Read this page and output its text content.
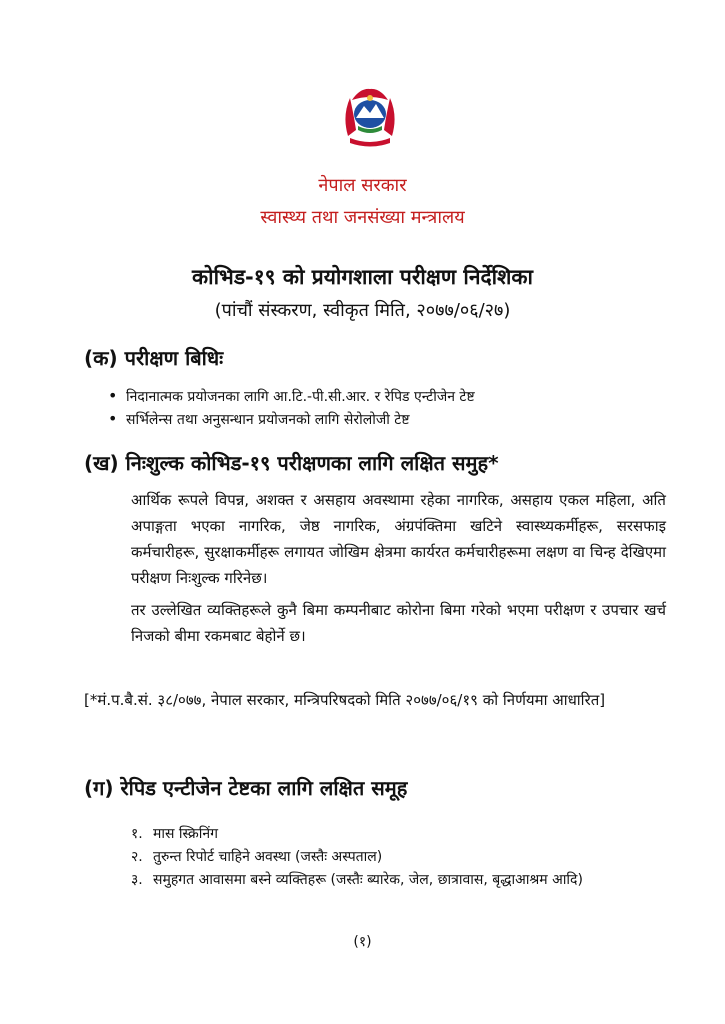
नेपाल सरकार
स्वास्थ्य तथा जनसंख्या मन्त्रालय
कोभिड-१९ को प्रयोगशाला परीक्षण निर्देशिका
(पांचौं संस्करण, स्वीकृत मिति, २०७७/०६/२७)
(क) परीक्षण बिधिः
• निदानात्मक प्रयोजनका लागि आ.टि.-पी.सी.आर. र रेपिड एन्टीजेन टेष्ट
• सर्भिलेन्स तथा अनुसन्धान प्रयोजनको लागि सेरोलोजी टेष्ट
(ख) निःशुल्क कोभिड-१९ परीक्षणका लागि लक्षित समुह*
आर्थिक रूपले विपन्न, अशक्त र असहाय अवस्थामा रहेका नागरिक, असहाय एकल महिला, अति अपाङ्गता भएका नागरिक, जेष्ठ नागरिक, अंग्रपंक्तिमा खटिने स्वास्थ्यकर्मीहरू, सरसफाइ कर्मचारीहरू, सुरक्षाकर्मीहरू लगायत जोखिम क्षेत्रमा कार्यरत कर्मचारीहरूमा लक्षण वा चिन्ह देखिएमा परीक्षण निःशुल्क गरिनेछ।
तर उल्लेखित व्यक्तिहरूले कुनै बिमा कम्पनीबाट कोरोना बिमा गरेको भएमा परीक्षण र उपचार खर्च निजको बीमा रकमबाट बेहोर्ने छ।
[*मं.प.बै.सं. ३८/०७७, नेपाल सरकार, मन्त्रिपरिषदको मिति २०७७/०६/१९ को निर्णयमा आधारित]
(ग) रेपिड एन्टीजेन टेष्टका लागि लक्षित समूह
१. मास स्क्रिनिंग
२. तुरुन्त रिपोर्ट चाहिने अवस्था (जस्तैः अस्पताल)
३. समुहगत आवासमा बस्ने व्यक्तिहरू (जस्तैः ब्यारेक, जेल, छात्रावास, बृद्धाआश्रम आदि)
(१)
